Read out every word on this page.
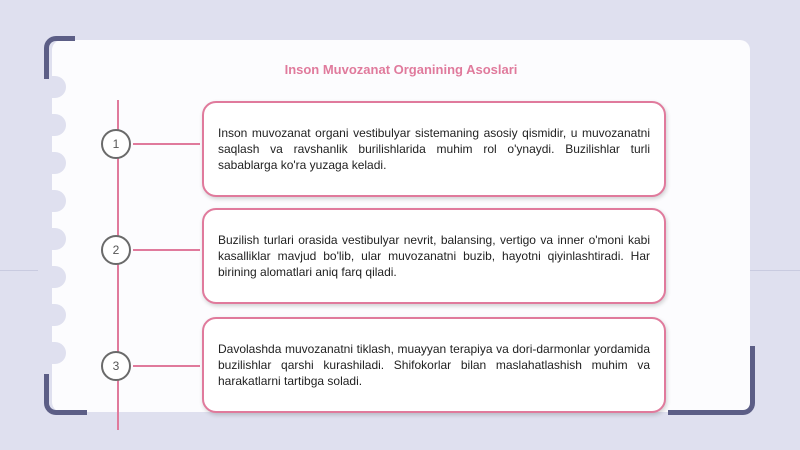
Inson Muvozanat Organining Asoslari
1

Inson muvozanat organi vestibulyar sistemaning asosiy qismidir, u muvozanatni saqlash va ravshanlik burilishlarida muhim rol o'ynaydi. Buzilishlar turli sabablarga ko'ra yuzaga keladi.

2

Buzilish turlari orasida vestibulyar nevrit, balansing, vertigo va inner o'moni kabi kasalliklar mavjud bo'lib, ular muvozanatni buzib, hayotni qiyinlashtiradi. Har birining alomatlari aniq farq qiladi.

3

Davolashda muvozanatni tiklash, muayyan terapiya va dori-darmonlar yordamida buzilishlar qarshi kurashiladi. Shifokorlar bilan maslahatlashish muhim va harakatlarni tartibga soladi.
